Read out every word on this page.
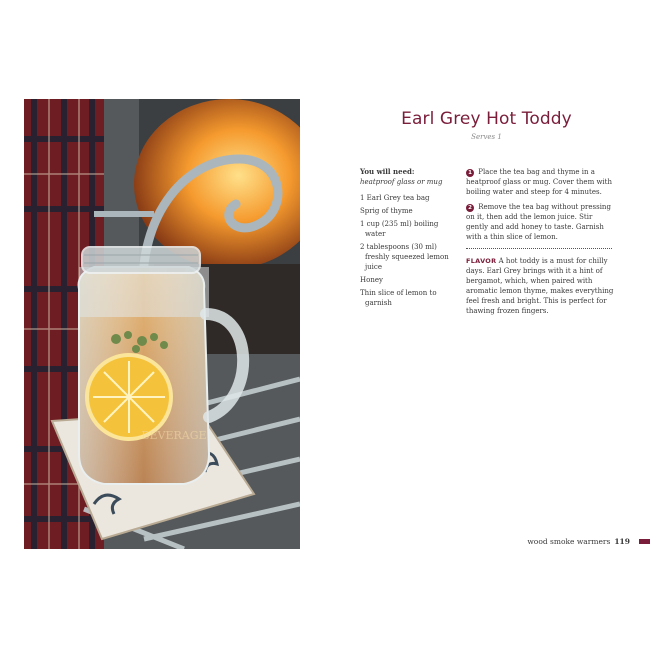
BEVERAGE
Earl Grey Hot Toddy
Serves 1
You will need:
heatproof glass or mug
1 Earl Grey tea bag
Sprig of thyme
1 cup (235 ml) boiling water
2 tablespoons (30 ml) freshly squeezed lemon juice
Honey
Thin slice of lemon to garnish
1 Place the tea bag and thyme in a heatproof glass or mug. Cover them with boiling water and steep for 4 minutes.
2 Remove the tea bag without pressing on it, then add the lemon juice. Stir gently and add honey to taste. Garnish with a thin slice of lemon.
FLAVOR A hot toddy is a must for chilly days. Earl Grey brings with it a hint of bergamot, which, when paired with aromatic lemon thyme, makes everything feel fresh and bright. This is perfect for thawing frozen fingers.
wood smoke warmers 119
